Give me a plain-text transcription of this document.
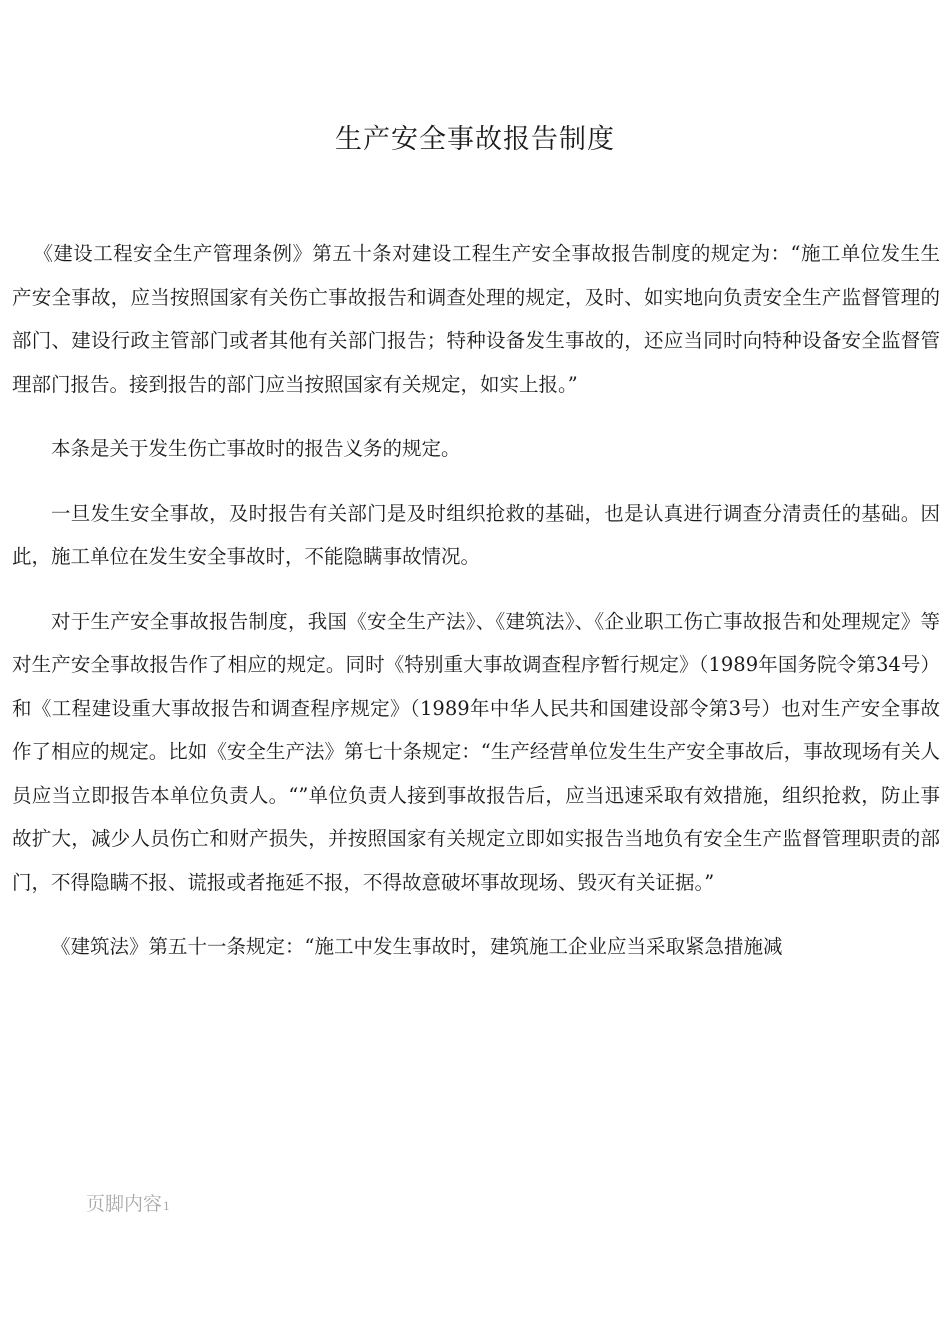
生产安全事故报告制度

《建设工程安全生产管理条例》第五十条对建设工程生产安全事故报告制度的规定为：“施工单位发生生产安全事故，应当按照国家有关伤亡事故报告和调查处理的规定，及时、如实地向负责安全生产监督管理的部门、建设行政主管部门或者其他有关部门报告；特种设备发生事故的，还应当同时向特种设备安全监督管理部门报告。接到报告的部门应当按照国家有关规定，如实上报。”

本条是关于发生伤亡事故时的报告义务的规定。

一旦发生安全事故，及时报告有关部门是及时组织抢救的基础，也是认真进行调查分清责任的基础。因此，施工单位在发生安全事故时，不能隐瞒事故情况。

对于生产安全事故报告制度，我国《安全生产法》、《建筑法》、《企业职工伤亡事故报告和处理规定》等对生产安全事故报告作了相应的规定。同时《特别重大事故调查程序暂行规定》（1989年国务院令第34号）和《工程建设重大事故报告和调查程序规定》（1989年中华人民共和国建设部令第3号）也对生产安全事故作了相应的规定。比如《安全生产法》第七十条规定：“生产经营单位发生生产安全事故后，事故现场有关人员应当立即报告本单位负责人。“”单位负责人接到事故报告后，应当迅速采取有效措施，组织抢救，防止事故扩大，减少人员伤亡和财产损失，并按照国家有关规定立即如实报告当地负有安全生产监督管理职责的部门，不得隐瞒不报、谎报或者拖延不报，不得故意破坏事故现场、毁灭有关证据。”

《建筑法》第五十一条规定：“施工中发生事故时，建筑施工企业应当采取紧急措施减

页脚内容1
